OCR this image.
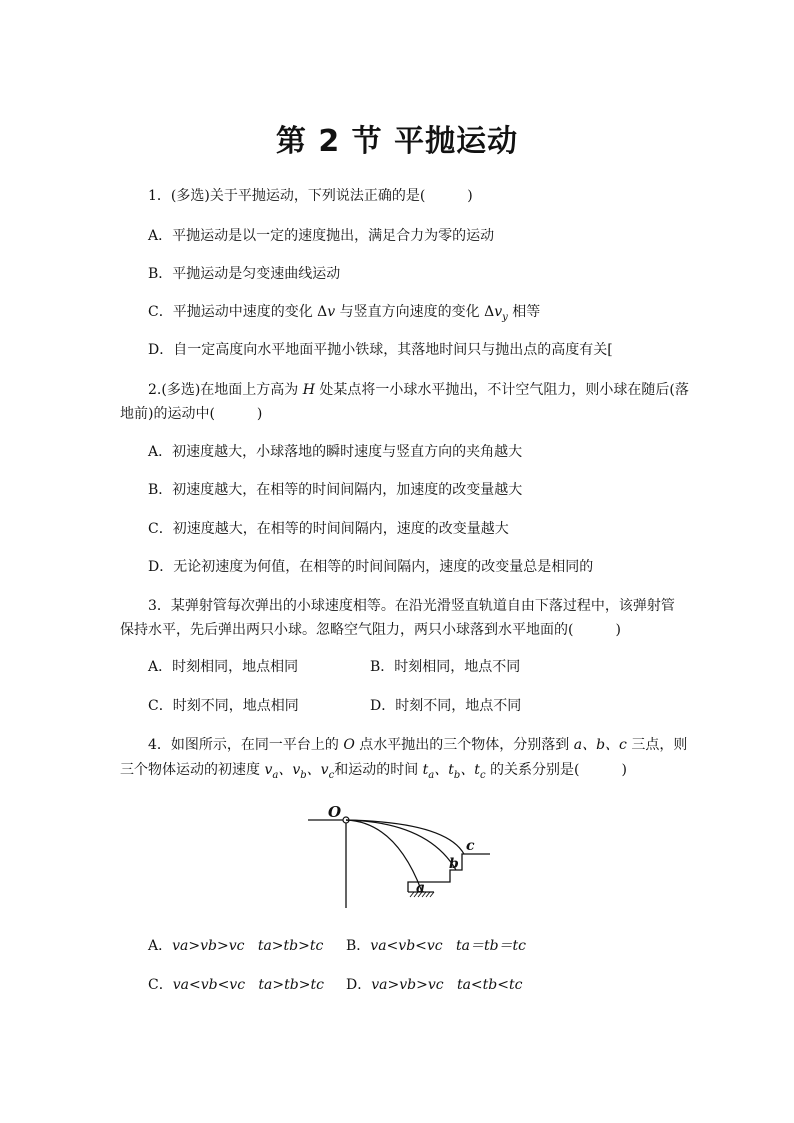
第 2 节 平抛运动
1．(多选)关于平抛运动，下列说法正确的是(　　　)
A．平抛运动是以一定的速度抛出，满足合力为零的运动
B．平抛运动是匀变速曲线运动
C．平抛运动中速度的变化 Δv 与竖直方向速度的变化 $\Delta v_y$ 相等
D．自一定高度向水平地面平抛小铁球，其落地时间只与抛出点的高度有关[
2.(多选)在地面上方高为 H 处某点将一小球水平抛出，不计空气阻力，则小球在随后(落
地前)的运动中(　　　)
A．初速度越大，小球落地的瞬时速度与竖直方向的夹角越大
B．初速度越大，在相等的时间间隔内，加速度的改变量越大
C．初速度越大，在相等的时间间隔内，速度的改变量越大
D．无论初速度为何值，在相等的时间间隔内，速度的改变量总是相同的
3．某弹射管每次弹出的小球速度相等。在沿光滑竖直轨道自由下落过程中，该弹射管
保持水平，先后弹出两只小球。忽略空气阻力，两只小球落到水平地面的(　　　)
A．时刻相同，地点相同	B．时刻相同，地点不同
C．时刻不同，地点相同	D．时刻不同，地点不同
4．如图所示，在同一平台上的 O 点水平抛出的三个物体，分别落到 a、b、c 三点，则
三个物体运动的初速度 $v_a$、$v_b$、$v_c$和运动的时间 $t_a$、$t_b$、$t_c$ 的关系分别是(　　　)
O
a
b
c
A．va>vb>vc ta>tb>tc B．va<vb<vc ta＝tb＝tc
C．va<vb<vc ta>tb>tc D．va>vb>vc ta<tb<tc
